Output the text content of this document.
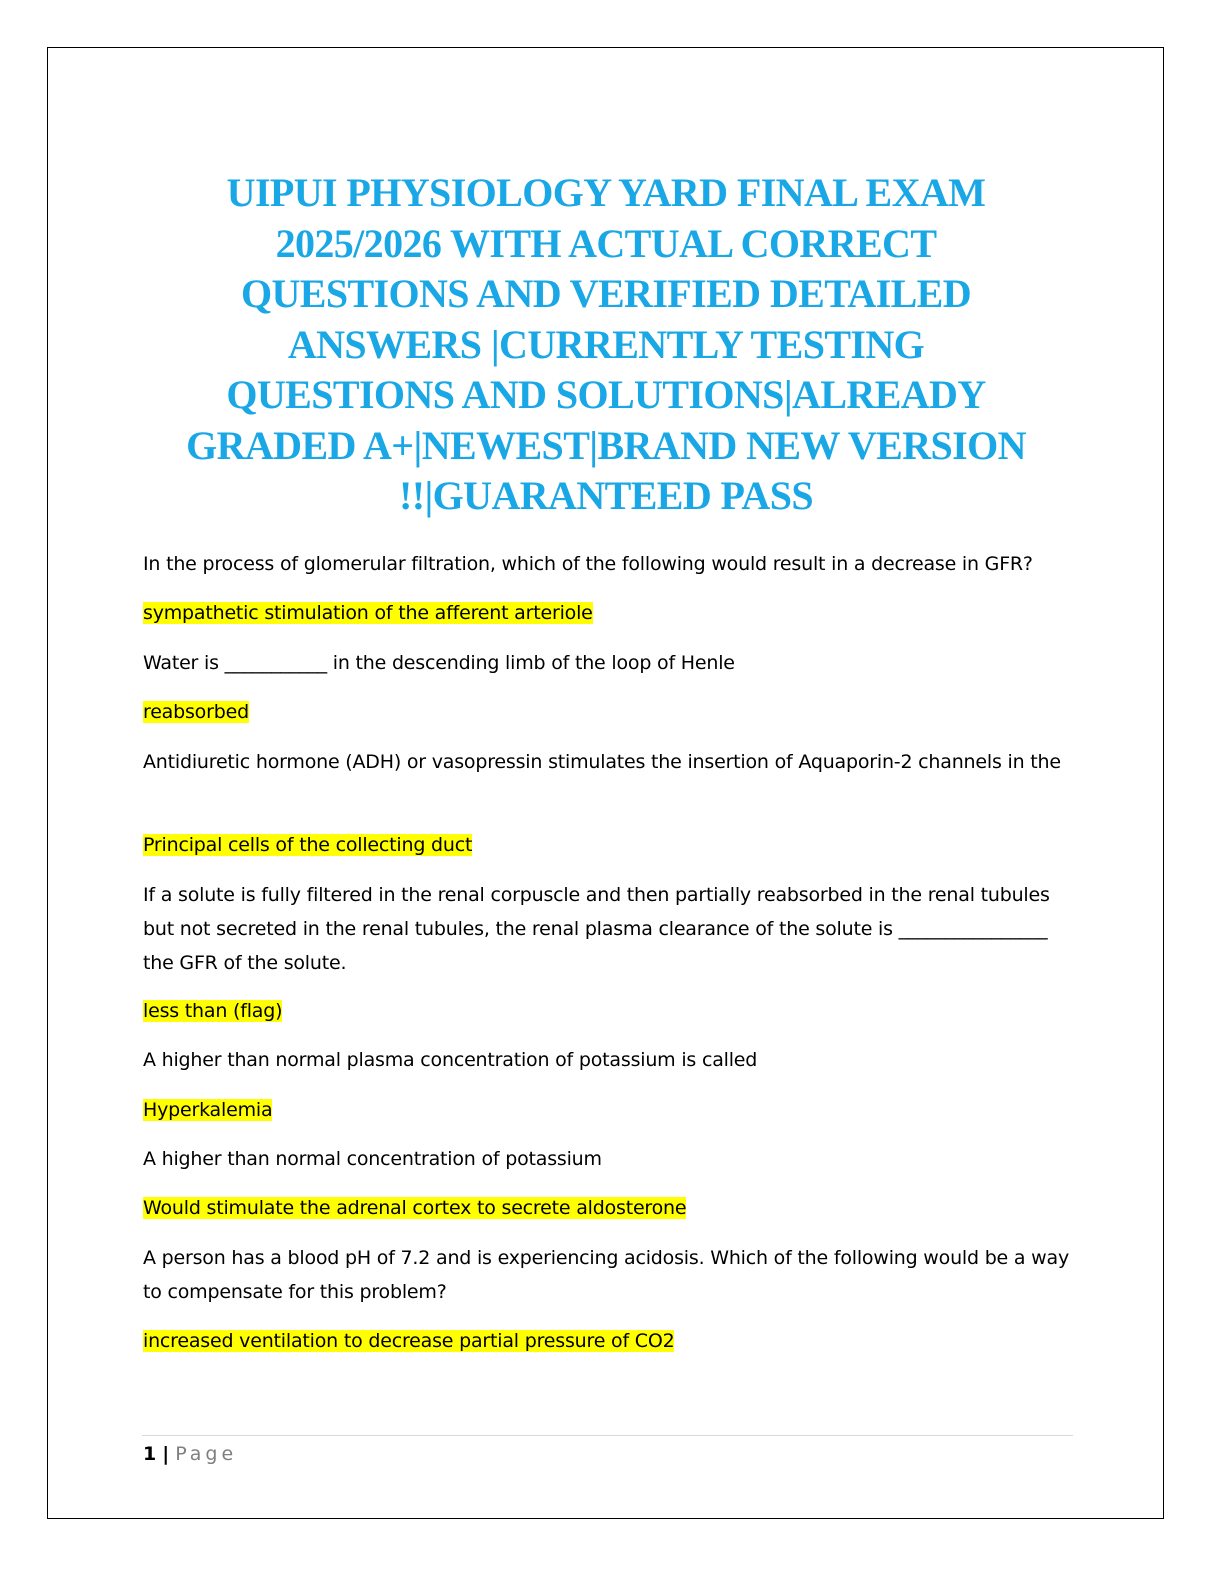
UIPUI PHYSIOLOGY YARD FINAL EXAM
2025/2026 WITH ACTUAL CORRECT
QUESTIONS AND VERIFIED DETAILED
ANSWERS |CURRENTLY TESTING
QUESTIONS AND SOLUTIONS|ALREADY
GRADED A+|NEWEST|BRAND NEW VERSION
!!|GUARANTEED PASS

In the process of glomerular filtration, which of the following would result in a decrease in GFR?

sympathetic stimulation of the afferent arteriole

Water is ___________ in the descending limb of the loop of Henle

reabsorbed

Antidiuretic hormone (ADH) or vasopressin stimulates the insertion of Aquaporin-2 channels in the

Principal cells of the collecting duct

If a solute is fully filtered in the renal corpuscle and then partially reabsorbed in the renal tubules but not secreted in the renal tubules, the renal plasma clearance of the solute is ________________ the GFR of the solute.

less than (flag)

A higher than normal plasma concentration of potassium is called

Hyperkalemia

A higher than normal concentration of potassium

Would stimulate the adrenal cortex to secrete aldosterone

A person has a blood pH of 7.2 and is experiencing acidosis. Which of the following would be a way to compensate for this problem?

increased ventilation to decrease partial pressure of CO2

1 | Page
